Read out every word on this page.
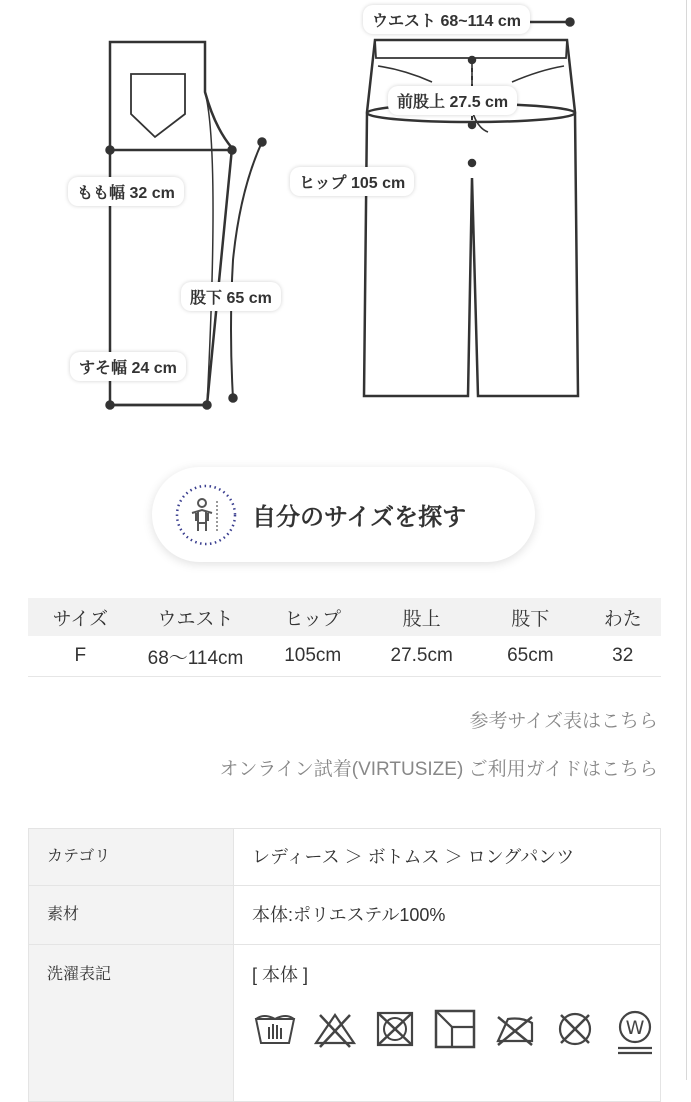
ウエスト 68~114 cm
前股上 27.5 cm
ヒップ 105 cm
もも幅 32 cm
股下 65 cm
すそ幅 24 cm
自分のサイズを探す
サイズ	ウエスト	ヒップ	股上	股下	わた
F	68～114cm	105cm	27.5cm	65cm	32
参考サイズ表はこちら
オンライン試着(VIRTUSIZE) ご利用ガイドはこちら
カテゴリ	レディース ＞ ボトムス ＞ ロングパンツ
素材	本体:ポリエステル100%
洗濯表記	[ 本体 ]
W
